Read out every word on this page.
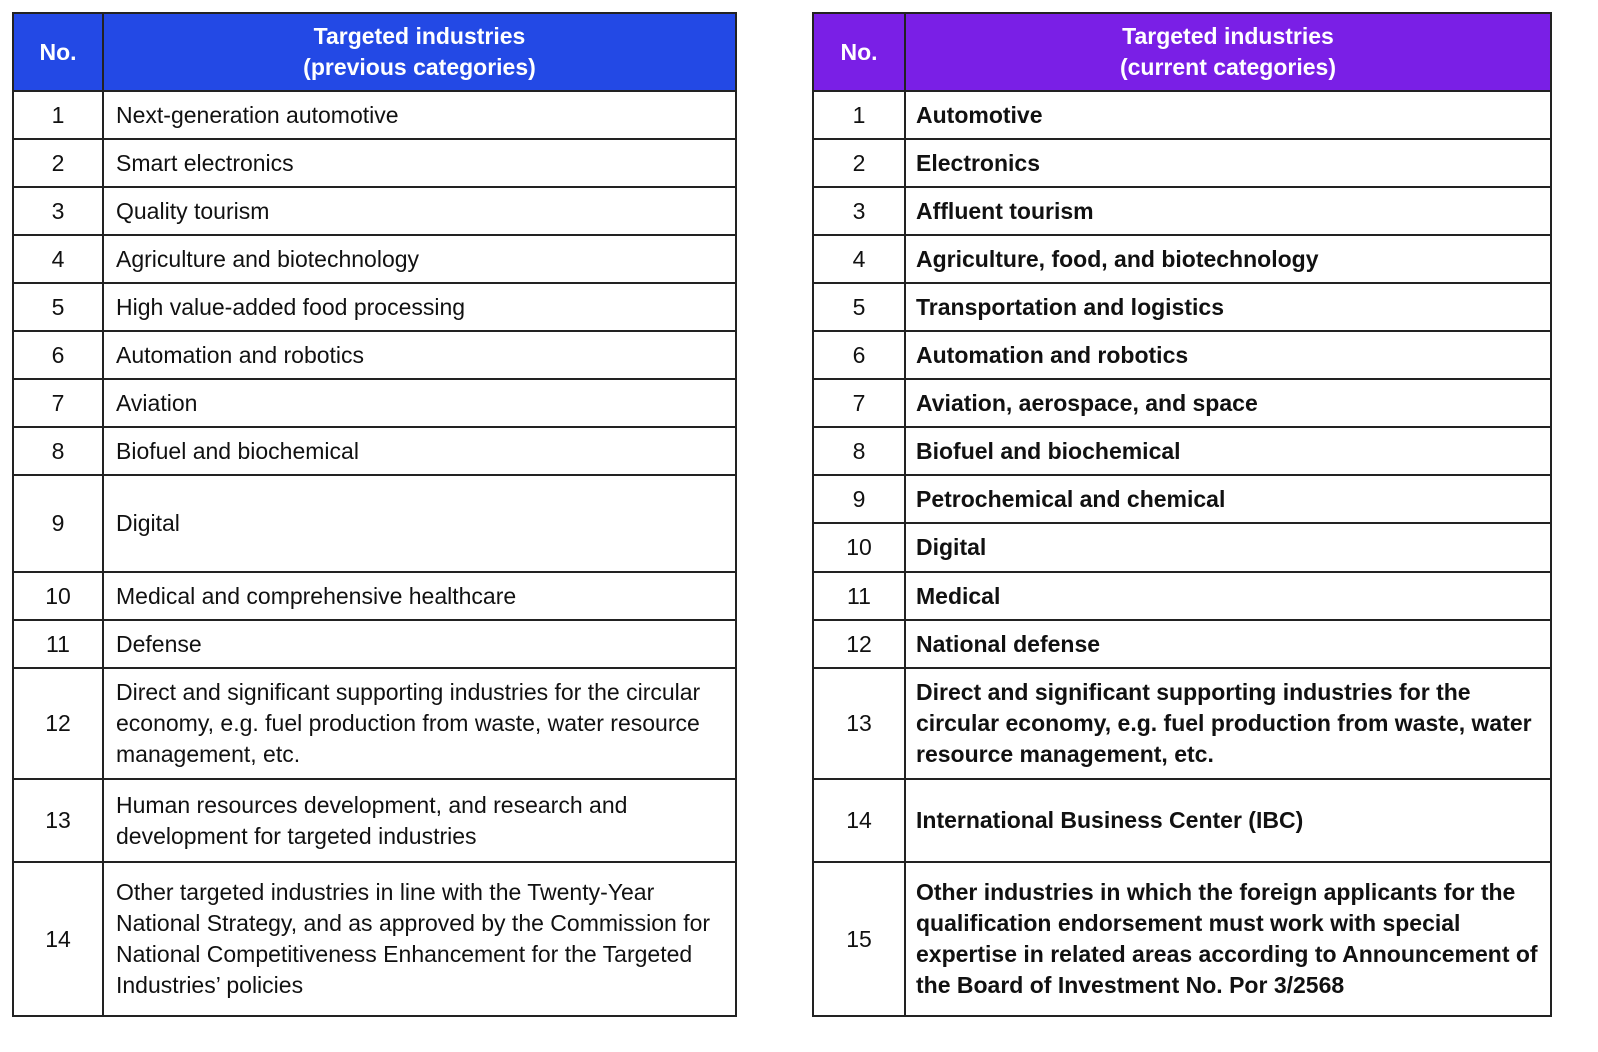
No.	Targeted industries
(previous categories)

1	Next-generation automotive
2	Smart electronics
3	Quality tourism
4	Agriculture and biotechnology
5	High value-added food processing
6	Automation and robotics
7	Aviation
8	Biofuel and biochemical
9	Digital
10	Medical and comprehensive healthcare
11	Defense
12	Direct and significant supporting industries for the circular economy, e.g. fuel production from waste, water resource management, etc.
13	Human resources development, and research and development for targeted industries
14	Other targeted industries in line with the Twenty-Year National Strategy, and as approved by the Commission for National Competitiveness Enhancement for the Targeted Industries’ policies
No.	Targeted industries
(current categories)

1	Automotive
2	Electronics
3	Affluent tourism
4	Agriculture, food, and biotechnology
5	Transportation and logistics
6	Automation and robotics
7	Aviation, aerospace, and space
8	Biofuel and biochemical
9	Petrochemical and chemical
10	Digital
11	Medical
12	National defense
13	Direct and significant supporting industries for the circular economy, e.g. fuel production from waste, water resource management, etc.
14	International Business Center (IBC)
15	Other industries in which the foreign applicants for the qualification endorsement must work with special expertise in related areas according to Announcement of the Board of Investment No. Por 3/2568
